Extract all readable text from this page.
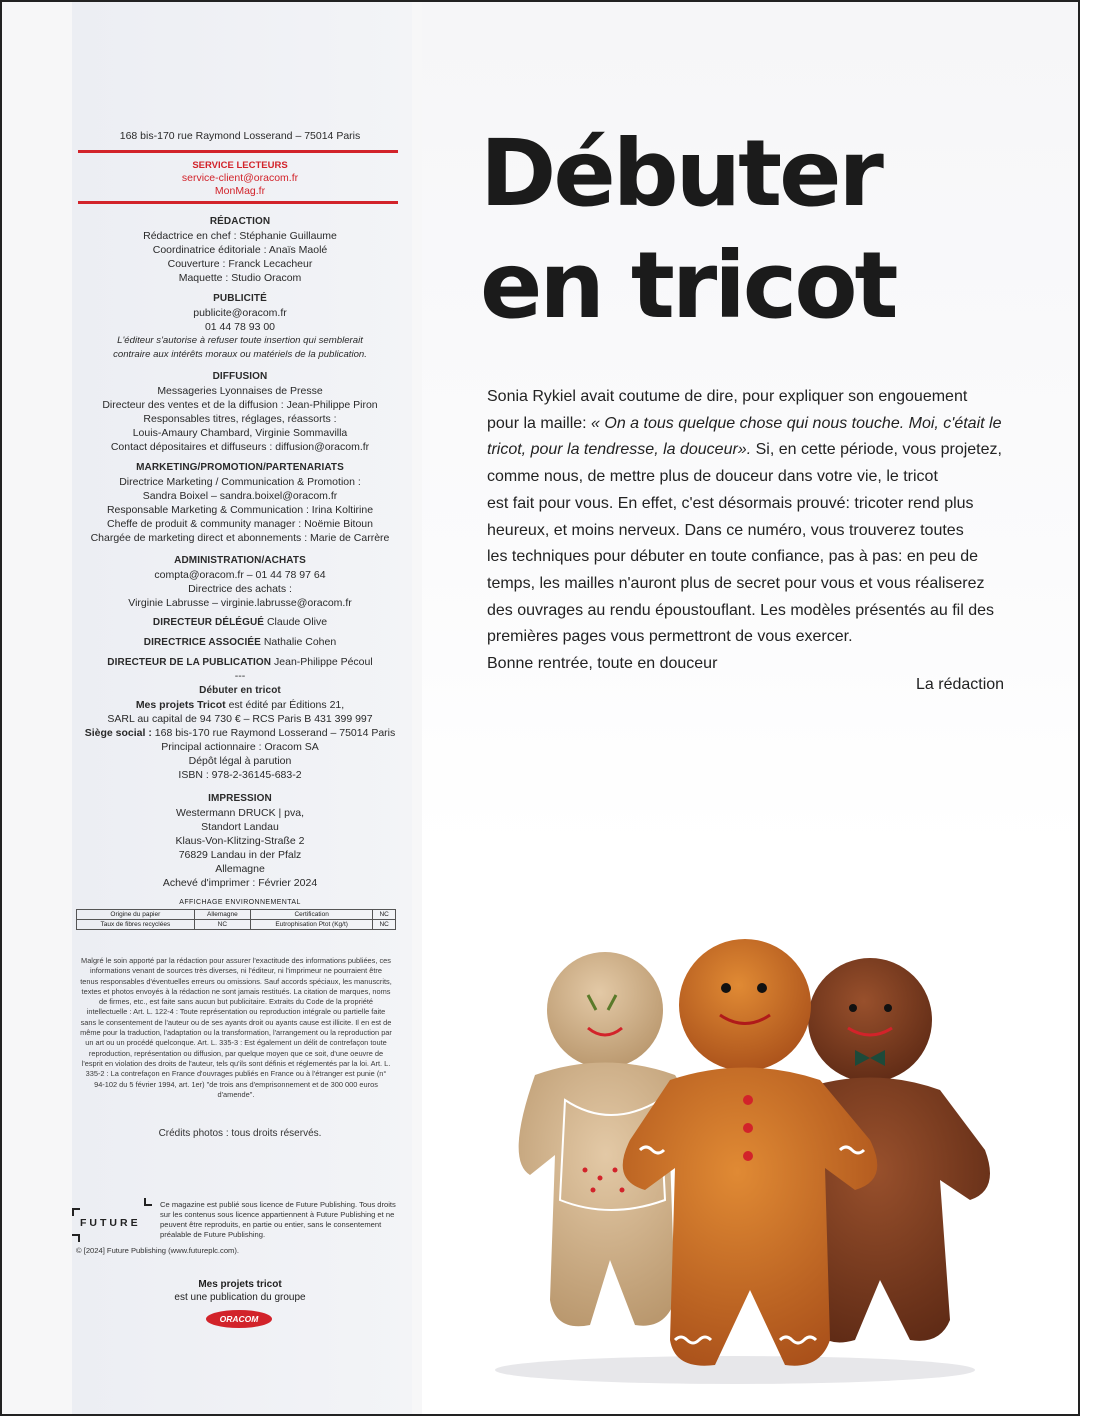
168 bis-170 rue Raymond Losserand – 75014 Paris
SERVICE LECTEURS
service-client@oracom.fr
MonMag.fr
RÉDACTION
Rédactrice en chef : Stéphanie Guillaume
Coordinatrice éditoriale : Anaïs Maolé
Couverture : Franck Lecacheur
Maquette : Studio Oracom
PUBLICITÉ
publicite@oracom.fr
01 44 78 93 00
L'éditeur s'autorise à refuser toute insertion qui semblerait
contraire aux intérêts moraux ou matériels de la publication.
DIFFUSION
Messageries Lyonnaises de Presse
Directeur des ventes et de la diffusion : Jean-Philippe Piron
Responsables titres, réglages, réassorts :
Louis-Amaury Chambard, Virginie Sommavilla
Contact dépositaires et diffuseurs : diffusion@oracom.fr
MARKETING/PROMOTION/PARTENARIATS
Directrice Marketing / Communication & Promotion :
Sandra Boixel – sandra.boixel@oracom.fr
Responsable Marketing & Communication : Irina Koltirine
Cheffe de produit & community manager : Noëmie Bitoun
Chargée de marketing direct et abonnements : Marie de Carrère
ADMINISTRATION/ACHATS
compta@oracom.fr – 01 44 78 97 64
Directrice des achats :
Virginie Labrusse – virginie.labrusse@oracom.fr
DIRECTEUR DÉLÉGUÉ Claude Olive
DIRECTRICE ASSOCIÉE Nathalie Cohen
DIRECTEUR DE LA PUBLICATION Jean-Philippe Pécoul
---
Débuter en tricot
Mes projets Tricot est édité par Éditions 21,
SARL au capital de 94 730 € – RCS Paris B 431 399 997
Siège social : 168 bis-170 rue Raymond Losserand – 75014 Paris
Principal actionnaire : Oracom SA
Dépôt légal à parution
ISBN : 978-2-36145-683-2
IMPRESSION
Westermann DRUCK | pva,
Standort Landau
Klaus-Von-Klitzing-Straße 2
76829 Landau in der Pfalz
Allemagne
Achevé d'imprimer : Février 2024
AFFICHAGE ENVIRONNEMENTAL
Origine du papier	Allemagne	Certification	NC
Taux de fibres recyclées	NC	Eutrophisation Ptot (Kg/t)	NC
Malgré le soin apporté par la rédaction pour assurer l'exactitude des informations publiées, ces informations venant de sources très diverses, ni l'éditeur, ni l'imprimeur ne pourraient être tenus responsables d'éventuelles erreurs ou omissions. Sauf accords spéciaux, les manuscrits, textes et photos envoyés à la rédaction ne sont jamais restitués. La citation de marques, noms de firmes, etc., est faite sans aucun but publicitaire. Extraits du Code de la propriété intellectuelle : Art. L. 122-4 : Toute représentation ou reproduction intégrale ou partielle faite sans le consentement de l'auteur ou de ses ayants droit ou ayants cause est illicite. Il en est de même pour la traduction, l'adaptation ou la transformation, l'arrangement ou la reproduction par un art ou un procédé quelconque. Art. L. 335-3 : Est également un délit de contrefaçon toute reproduction, représentation ou diffusion, par quelque moyen que ce soit, d'une oeuvre de l'esprit en violation des droits de l'auteur, tels qu'ils sont définis et réglementés par la loi. Art. L. 335-2 : La contrefaçon en France d'ouvrages publiés en France ou à l'étranger est punie (n° 94-102 du 5 février 1994, art. 1er) "de trois ans d'emprisonnement et de 300 000 euros d'amende".
Crédits photos : tous droits réservés.
FUTURE
Ce magazine est publié sous licence de Future Publishing. Tous droits sur les contenus sous licence appartiennent à Future Publishing et ne peuvent être reproduits, en partie ou entier, sans le consentement préalable de Future Publishing.
© [2024] Future Publishing (www.futureplc.com).
Mes projets tricot
est une publication du groupe
ORACOM
Débuter
en tricot
Sonia Rykiel avait coutume de dire, pour expliquer son engouement
pour la maille: « On a tous quelque chose qui nous touche. Moi, c'était le
tricot, pour la tendresse, la douceur». Si, en cette période, vous projetez,
comme nous, de mettre plus de douceur dans votre vie, le tricot
est fait pour vous. En effet, c'est désormais prouvé: tricoter rend plus
heureux, et moins nerveux. Dans ce numéro, vous trouverez toutes
les techniques pour débuter en toute confiance, pas à pas: en peu de
temps, les mailles n'auront plus de secret pour vous et vous réaliserez
des ouvrages au rendu époustouflant. Les modèles présentés au fil des
premières pages vous permettront de vous exercer.
Bonne rentrée, toute en douceur
La rédaction
